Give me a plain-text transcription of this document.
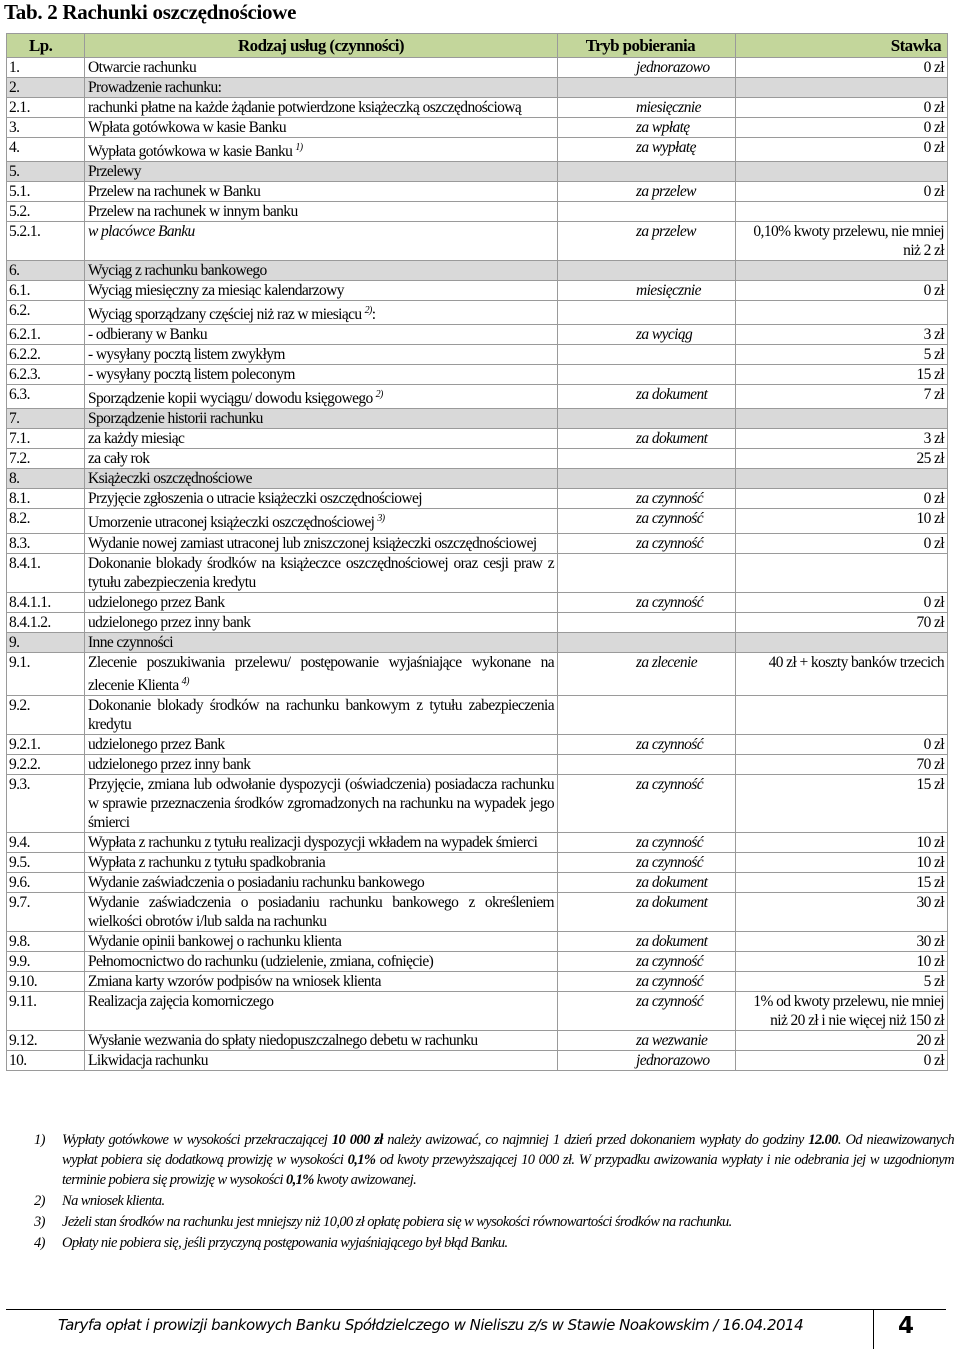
Tab. 2 Rachunki oszczędnościowe
Lp.	Rodzaj usług (czynności)	Tryb pobierania	Stawka
1.	Otwarcie rachunku	jednorazowo	0 zł
2.	Prowadzenie rachunku:		
2.1.	rachunki płatne na każde żądanie potwierdzone książeczką oszczędnościową	miesięcznie	0 zł
3.	Wpłata gotówkowa w kasie Banku	za wpłatę	0 zł
4.	Wypłata gotówkowa w kasie Banku $^{1)}$	za wypłatę	0 zł
5.	Przelewy		
5.1.	Przelew na rachunek w Banku	za przelew	0 zł
5.2.	Przelew na rachunek w innym banku		
5.2.1.	w placówce Banku	za przelew	0,10% kwoty przelewu, nie mniej niż 2 zł
6.	Wyciąg z rachunku bankowego		
6.1.	Wyciąg miesięczny za miesiąc kalendarzowy	miesięcznie	0 zł
6.2.	Wyciąg sporządzany częściej niż raz w miesiącu $^{2)}$:		
6.2.1.	- odbierany w Banku	za wyciąg	3 zł
6.2.2.	- wysyłany pocztą listem zwykłym		5 zł
6.2.3.	- wysyłany pocztą listem poleconym		15 zł
6.3.	Sporządzenie kopii wyciągu/ dowodu księgowego $^{2)}$	za dokument	7 zł
7.	Sporządzenie historii rachunku		
7.1.	za każdy miesiąc	za dokument	3 zł
7.2.	za cały rok		25 zł
8.	Książeczki oszczędnościowe		
8.1.	Przyjęcie zgłoszenia o utracie książeczki oszczędnościowej	za czynność	0 zł
8.2.	Umorzenie utraconej książeczki oszczędnościowej $^{3)}$	za czynność	10 zł
8.3.	Wydanie nowej zamiast utraconej lub zniszczonej książeczki oszczędnościowej	za czynność	0 zł
8.4.1.	Dokonanie blokady środków na książeczce oszczędnościowej oraz cesji praw z tytułu zabezpieczenia kredytu		
8.4.1.1.	udzielonego przez Bank	za czynność	0 zł
8.4.1.2.	udzielonego przez inny bank		70 zł
9.	Inne czynności		
9.1.	Zlecenie poszukiwania przelewu/ postępowanie wyjaśniające wykonane na zlecenie Klienta $^{4)}$	za zlecenie	40 zł + koszty banków trzecich
9.2.	Dokonanie blokady środków na rachunku bankowym z tytułu zabezpieczenia kredytu		
9.2.1.	udzielonego przez Bank	za czynność	0 zł
9.2.2.	udzielonego przez inny bank		70 zł
9.3.	Przyjęcie, zmiana lub odwołanie dyspozycji (oświadczenia) posiadacza rachunku w sprawie przeznaczenia środków zgromadzonych na rachunku na wypadek jego śmierci	za czynność	15 zł
9.4.	Wypłata z rachunku z tytułu realizacji dyspozycji wkładem na wypadek śmierci	za czynność	10 zł
9.5.	Wypłata z rachunku z tytułu spadkobrania	za czynność	10 zł
9.6.	Wydanie zaświadczenia o posiadaniu rachunku bankowego	za dokument	15 zł
9.7.	Wydanie zaświadczenia o posiadaniu rachunku bankowego z określeniem wielkości obrotów i/lub salda na rachunku	za dokument	30 zł
9.8.	Wydanie opinii bankowej o rachunku klienta	za dokument	30 zł
9.9.	Pełnomocnictwo do rachunku (udzielenie, zmiana, cofnięcie)	za czynność	10 zł
9.10.	Zmiana karty wzorów podpisów na wniosek klienta	za czynność	5 zł
9.11.	Realizacja zajęcia komorniczego	za czynność	1% od kwoty przelewu, nie mniej niż 20 zł i nie więcej niż 150 zł
9.12.	Wysłanie wezwania do spłaty niedopuszczalnego debetu w rachunku	za wezwanie	20 zł
10.	Likwidacja rachunku	jednorazowo	0 zł
1) Wypłaty gotówkowe w wysokości przekraczającej 10 000 zł należy awizować, co najmniej 1 dzień przed dokonaniem wypłaty do godziny 12.00. Od nieawizowanych wypłat pobiera się dodatkową prowizję w wysokości 0,1% od kwoty przewyższającej 10 000 zł. W przypadku awizowania wypłaty i nie odebrania jej w uzgodnionym terminie pobiera się prowizję w wysokości 0,1% kwoty awizowanej.
2) Na wniosek klienta.
3) Jeżeli stan środków na rachunku jest mniejszy niż 10,00 zł opłatę pobiera się w wysokości równowartości środków na rachunku.
4) Opłaty nie pobiera się, jeśli przyczyną postępowania wyjaśniającego był błąd Banku.
Taryfa opłat i prowizji bankowych Banku Spółdzielczego w Nieliszu z/s w Stawie Noakowskim / 16.04.2014	4
